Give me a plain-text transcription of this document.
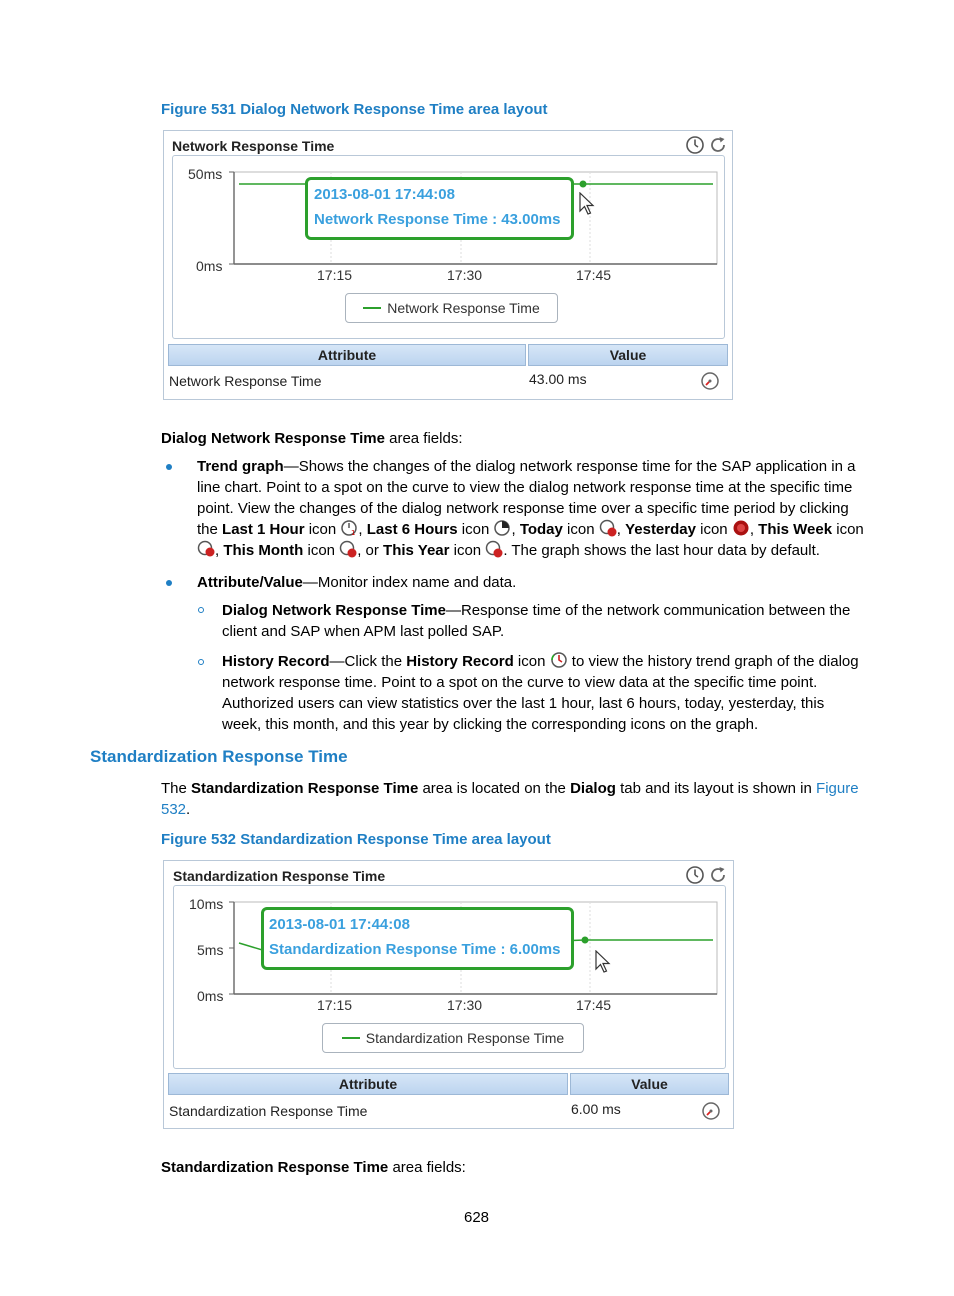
Figure 531 Dialog Network Response Time area layout
Network Response Time
50ms
0ms
17:15	17:30	17:45
2013-08-01 17:44:08
Network Response Time : 43.00ms
Network Response Time
Attribute	Value
Network Response Time	43.00 ms
Dialog Network Response Time area fields:
Trend graph—Shows the changes of the dialog network response time for the SAP application in a line chart. Point to a spot on the curve to view the dialog network response time at the specific time point. View the changes of the dialog network response time over a specific time period by clicking the Last 1 Hour icon 1 , Last 6 Hours icon , Today icon , Yesterday icon , This Week icon
, This Month icon , or This Year icon . The graph shows the last hour data by default.
Attribute/Value—Monitor index name and data.
Dialog Network Response Time—Response time of the network communication between the client and SAP when APM last polled SAP.
History Record—Click the History Record icon  to view the history trend graph of the dialog network response time. Point to a spot on the curve to view data at the specific time point. Authorized users can view statistics over the last 1 hour, last 6 hours, today, yesterday, this week, this month, and this year by clicking the corresponding icons on the graph.
Standardization Response Time
The Standardization Response Time area is located on the Dialog tab and its layout is shown in Figure 532.
Figure 532 Standardization Response Time area layout
Standardization Response Time
10ms
5ms
0ms
17:15	17:30	17:45
2013-08-01 17:44:08
Standardization Response Time : 6.00ms
Standardization Response Time
Attribute	Value
Standardization Response Time	6.00 ms
Standardization Response Time area fields:
628
